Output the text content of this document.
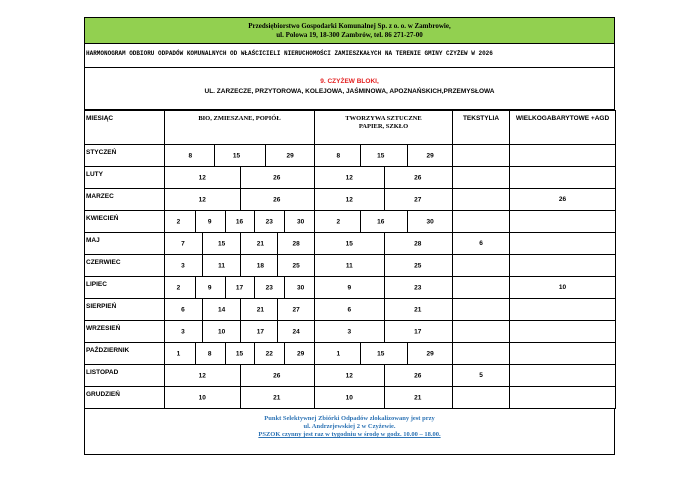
Przedsiębiorstwo Gospodarki Komunalnej Sp. z o. o. w Zambrowie,
ul. Polowa 19, 18-300 Zambrów, tel. 86 271-27-00
HARMONOGRAM ODBIORU ODPADÓW KOMUNALNYCH OD WŁAŚCICIELI NIERUCHOMOŚCI ZAMIESZKAŁYCH NA TERENIE GMINY CZYŻEW W 2026
9. CZYŻEW BLOKI,
UL. ZARZECZE, PRZYTOROWA, KOLEJOWA, JAŚMINOWA, APOZNAŃSKICH,PRZEMYSŁOWA
MIESIĄC	BIO, ZMIESZANE, POPIÓŁ	TWORZYWA SZTUCZNE
PAPIER, SZKŁO	TEKSTYLIA	WIELKOGABARYTOWE +AGD
STYCZEŃ	8 15 29	8 15 29		

LUTY	12 26	12 26		

MARZEC	12 26	12 27		26
KWIECIEŃ	2 9 16 23 30	2 16 30		

MAJ	7 15 21 28	15 28	6	
CZERWIEC	3 11 18 25	11 25		

LIPIEC	2 9 17 23 30	9 23		10
SIERPIEŃ	6 14 21 27	6 21		

WRZESIEŃ	3 10 17 24	3 17		

PAŹDZIERNIK	1 8 15 22 29	1 15 29		

LISTOPAD	12 26	12 26	5	
GRUDZIEŃ	10 21	10 21		

Punkt Selektywnej Zbiórki Odpadów zlokalizowany jest przy
ul. Andrzejewskiej 2 w Czyżewie.
PSZOK czynny jest raz w tygodniu w środę w godz. 10.00 – 18.00.
